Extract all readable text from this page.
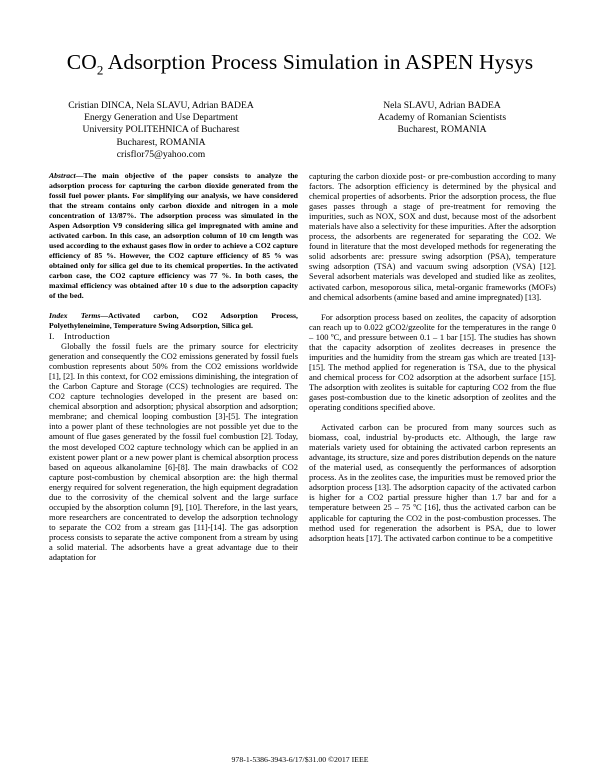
$CO_2$ Adsorption Process Simulation in ASPEN Hysys
Cristian DINCA, Nela SLAVU, Adrian BADEA
Energy Generation and Use Department
University POLITEHNICA of Bucharest
Bucharest, ROMANIA
crisflor75@yahoo.com
Nela SLAVU, Adrian BADEA
Academy of Romanian Scientists
Bucharest, ROMANIA

Abstract—The main objective of the paper consists to analyze the adsorption process for capturing the carbon dioxide generated from the fossil fuel power plants. For simplifying our analysis, we have considered that the stream contains only carbon dioxide and nitrogen in a mole concentration of 13/87%. The adsorption process was simulated in the Aspen Adsorption V9 considering silica gel impregnated with amine and activated carbon. In this case, an adsorption column of 10 cm length was used according to the exhaust gases flow in order to achieve a CO2 capture efficiency of 85 %. However, the CO2 capture efficiency of 85 % was obtained only for silica gel due to its chemical properties. In the activated carbon case, the CO2 capture efficiency was 77 %. In both cases, the maximal efficiency was obtained after 10 s due to the adsorption capacity of the bed.

Index Terms—Activated carbon, CO2 Adsorption Process, Polyethyleneimine, Temperature Swing Adsorption, Silica gel.

I. Introduction

Globally the fossil fuels are the primary source for electricity generation and consequently the CO2 emissions generated by fossil fuels combustion represents about 50% from the CO2 emissions worldwide [1], [2]. In this context, for CO2 emissions diminishing, the integration of the Carbon Capture and Storage (CCS) technologies are required. The CO2 capture technologies developed in the present are based on: chemical absorption and adsorption; physical absorption and adsorption; membrane; and chemical looping combustion [3]-[5]. The integration into a power plant of these technologies are not possible yet due to the amount of flue gases generated by the fossil fuel combustion [2]. Today, the most developed CO2 capture technology which can be applied in an existent power plant or a new power plant is chemical absorption process based on aqueous alkanolamine [6]-[8]. The main drawbacks of CO2 capture post-combustion by chemical absorption are: the high thermal energy required for solvent regeneration, the high equipment degradation due to the corrosivity of the chemical solvent and the large surface occupied by the absorption column [9], [10]. Therefore, in the last years, more researchers are concentrated to develop the adsorption technology to separate the CO2 from a stream gas [11]-[14]. The gas adsorption process consists to separate the active component from a stream by using a solid material. The adsorbents have a great advantage due to their adaptation for

capturing the carbon dioxide post- or pre-combustion according to many factors. The adsorption efficiency is determined by the physical and chemical properties of adsorbents. Prior the adsorption process, the flue gases passes through a stage of pre-treatment for removing the impurities, such as NOX, SOX and dust, because most of the adsorbent materials have also a selectivity for these impurities. After the adsorption process, the adsorbents are regenerated for separating the CO2. We found in literature that the most developed methods for regenerating the solid adsorbents are: pressure swing adsorption (PSA), temperature swing adsorption (TSA) and vacuum swing adsorption (VSA) [12]. Several adsorbent materials was developed and studied like as zeolites, activated carbon, mesoporous silica, metal-organic frameworks (MOFs) and chemical adsorbents (amine based and amine impregnated) [13].

For adsorption process based on zeolites, the capacity of adsorption can reach up to 0.022 gCO2/gzeolite for the temperatures in the range 0 – 100 ºC, and pressure between 0.1 – 1 bar [15]. The studies has shown that the capacity adsorption of zeolites decreases in presence the impurities and the humidity from the stream gas which are treated [13]-[15]. The method applied for regeneration is TSA, due to the physical and chemical process for CO2 adsorption at the adsorbent surface [15]. The adsorption with zeolites is suitable for capturing CO2 from the flue gases post-combustion due to the kinetic adsorption of zeolites and the operating conditions specified above.

Activated carbon can be procured from many sources such as biomass, coal, industrial by-products etc. Although, the large raw materials variety used for obtaining the activated carbon represents an advantage, its structure, size and pores distribution depends on the nature of the material used, as consequently the performances of adsorption process. As in the zeolites case, the impurities must be removed prior the adsorption process [13]. The adsorption capacity of the activated carbon is higher for a CO2 partial pressure higher than 1.7 bar and for a temperature between 25 – 75 ºC [16], thus the activated carbon can be applicable for capturing the CO2 in the post-combustion processes. The method used for regeneration the adsorbent is PSA, due to lower adsorption heats [17]. The activated carbon continue to be a competitive

978-1-5386-3943-6/17/$31.00 ©2017 IEEE
